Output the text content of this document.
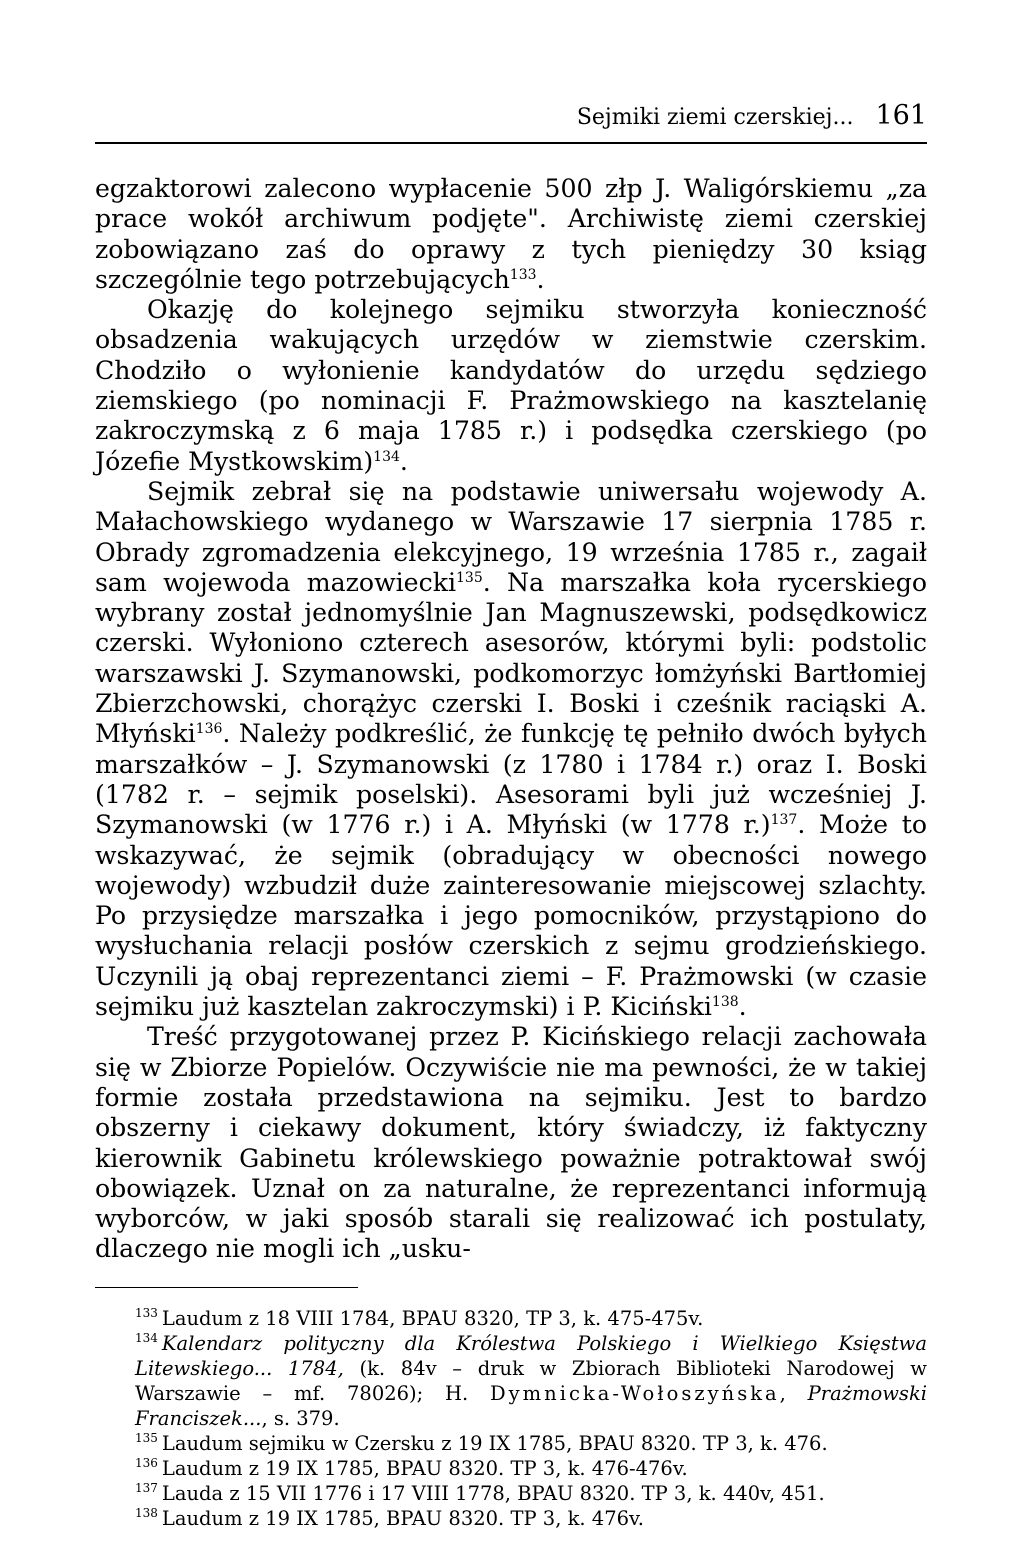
Sejmiki ziemi czerskiej... 161

egzaktorowi zalecono wypłacenie 500 złp J. Waligórskiemu „za prace wokół archiwum podjęte". Archiwistę ziemi czerskiej zobowiązano zaś do oprawy z tych pieniędzy 30 ksiąg szczególnie tego potrzebujących$^{133}$.

Okazję do kolejnego sejmiku stworzyła konieczność obsadzenia wakujących urzędów w ziemstwie czerskim. Chodziło o wyłonienie kandydatów do urzędu sędziego ziemskiego (po nominacji F. Prażmowskiego na kasztelanię zakroczymską z 6 maja 1785 r.) i podsędka czerskiego (po Józefie Mystkowskim)$^{134}$.

Sejmik zebrał się na podstawie uniwersału wojewody A. Małachowskiego wydanego w Warszawie 17 sierpnia 1785 r. Obrady zgromadzenia elekcyjnego, 19 września 1785 r., zagaił sam wojewoda mazowiecki$^{135}$. Na marszałka koła rycerskiego wybrany został jednomyślnie Jan Magnuszewski, podsędkowicz czerski. Wyłoniono czterech asesorów, którymi byli: podstolic warszawski J. Szymanowski, podkomorzyc łomżyński Bartłomiej Zbierzchowski, chorążyc czerski I. Boski i cześnik raciąski A. Młyński$^{136}$. Należy podkreślić, że funkcję tę pełniło dwóch byłych marszałków – J. Szymanowski (z 1780 i 1784 r.) oraz I. Boski (1782 r. – sejmik poselski). Asesorami byli już wcześniej J. Szymanowski (w 1776 r.) i A. Młyński (w 1778 r.)$^{137}$. Może to wskazywać, że sejmik (obradujący w obecności nowego wojewody) wzbudził duże zainteresowanie miejscowej szlachty. Po przysiędze marszałka i jego pomocników, przystąpiono do wysłuchania relacji posłów czerskich z sejmu grodzieńskiego. Uczynili ją obaj reprezentanci ziemi – F. Prażmowski (w czasie sejmiku już kasztelan zakroczymski) i P. Kiciński$^{138}$.

Treść przygotowanej przez P. Kicińskiego relacji zachowała się w Zbiorze Popielów. Oczywiście nie ma pewności, że w takiej formie została przedstawiona na sejmiku. Jest to bardzo obszerny i ciekawy dokument, który świadczy, iż faktyczny kierownik Gabinetu królewskiego poważnie potraktował swój obowiązek. Uznał on za naturalne, że reprezentanci informują wyborców, w jaki sposób starali się realizować ich postulaty, dlaczego nie mogli ich „usku-

$^{133}$ Laudum z 18 VIII 1784, BPAU 8320, TP 3, k. 475-475v.

$^{134}$ Kalendarz polityczny dla Królestwa Polskiego i Wielkiego Księstwa Litewskiego... 1784, (k. 84v – druk w Zbiorach Biblioteki Narodowej w Warszawie – mf. 78026); H. Dymnicka-Wołoszyńska, Prażmowski Franciszek..., s. 379.

$^{135}$ Laudum sejmiku w Czersku z 19 IX 1785, BPAU 8320. TP 3, k. 476.

$^{136}$ Laudum z 19 IX 1785, BPAU 8320. TP 3, k. 476-476v.

$^{137}$ Lauda z 15 VII 1776 i 17 VIII 1778, BPAU 8320. TP 3, k. 440v, 451.

$^{138}$ Laudum z 19 IX 1785, BPAU 8320. TP 3, k. 476v.
